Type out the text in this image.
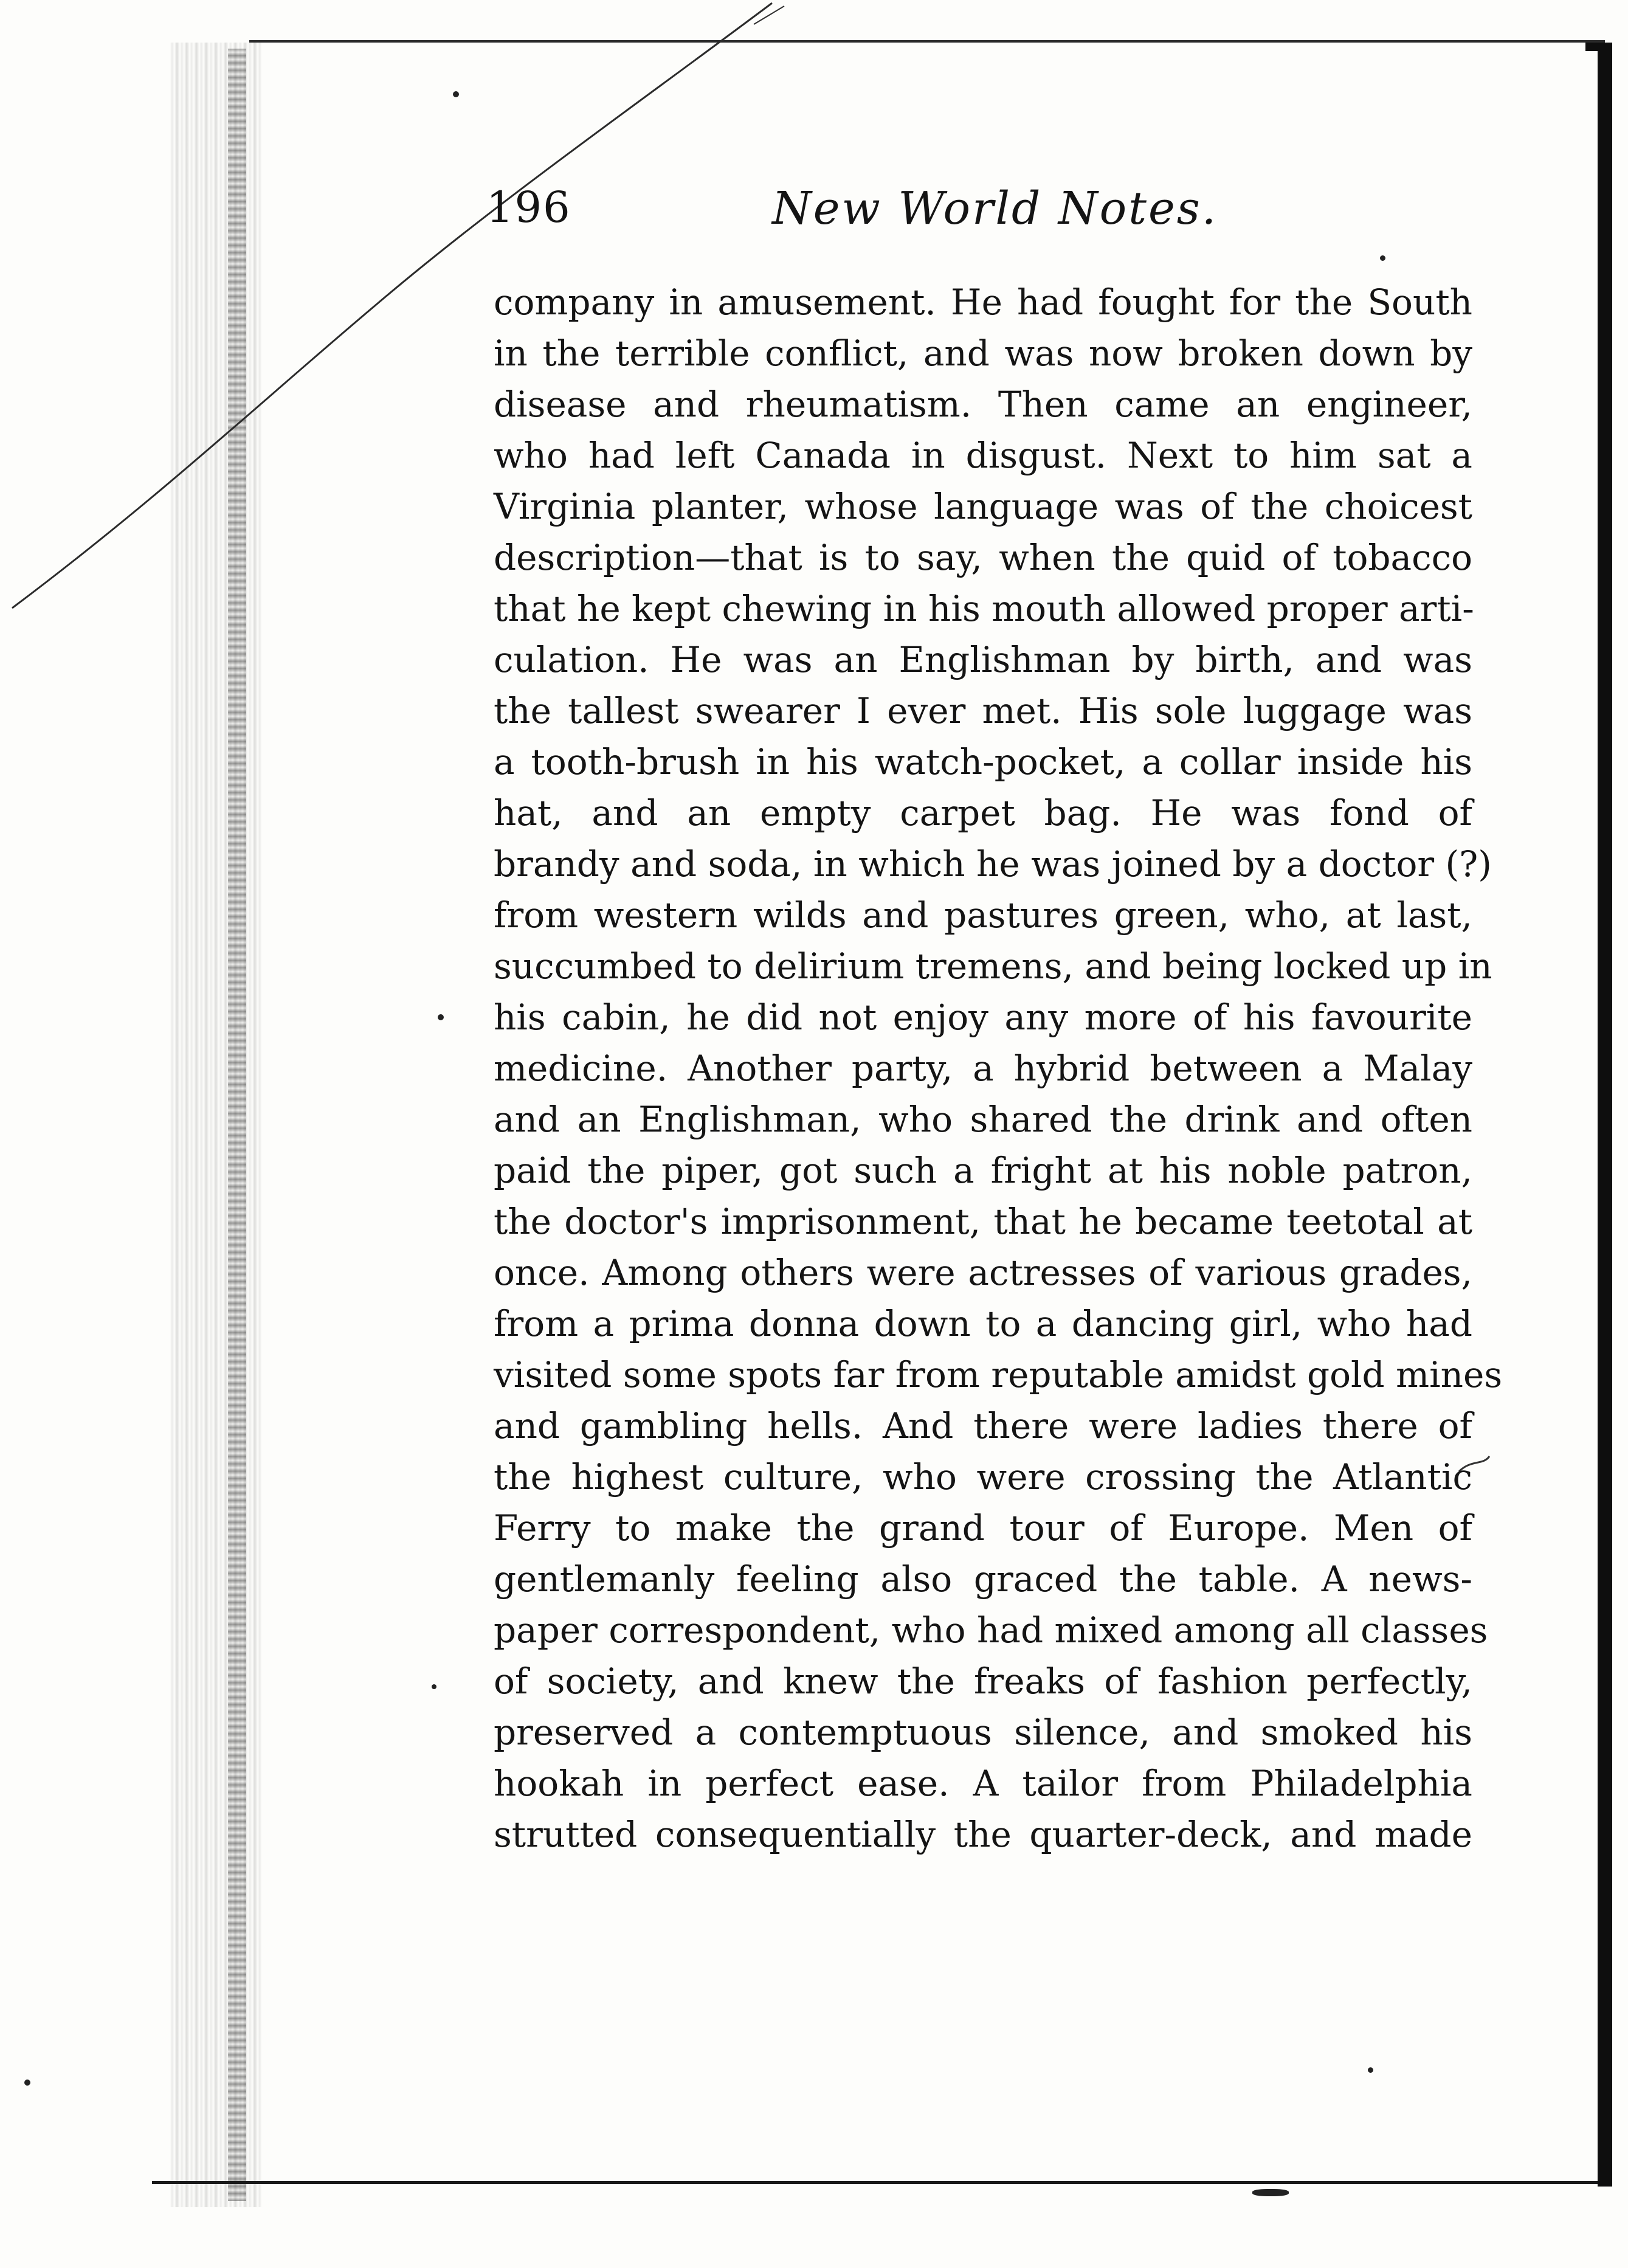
196	New World Notes.
company in amusement. He had fought for the South
in the terrible conflict, and was now broken down by
disease and rheumatism. Then came an engineer,
who had left Canada in disgust. Next to him sat a
Virginia planter, whose language was of the choicest
description—that is to say, when the quid of tobacco
that he kept chewing in his mouth allowed proper arti-
culation. He was an Englishman by birth, and was
the tallest swearer I ever met. His sole luggage was
a tooth-brush in his watch-pocket, a collar inside his
hat, and an empty carpet bag. He was fond of
brandy and soda, in which he was joined by a doctor (?)
from western wilds and pastures green, who, at last,
succumbed to delirium tremens, and being locked up in
his cabin, he did not enjoy any more of his favourite
medicine. Another party, a hybrid between a Malay
and an Englishman, who shared the drink and often
paid the piper, got such a fright at his noble patron,
the doctor's imprisonment, that he became teetotal at
once. Among others were actresses of various grades,
from a prima donna down to a dancing girl, who had
visited some spots far from reputable amidst gold mines
and gambling hells. And there were ladies there of
the highest culture, who were crossing the Atlantic
Ferry to make the grand tour of Europe. Men of
gentlemanly feeling also graced the table. A news-
paper correspondent, who had mixed among all classes
of society, and knew the freaks of fashion perfectly,
preserved a contemptuous silence, and smoked his
hookah in perfect ease. A tailor from Philadelphia
strutted consequentially the quarter-deck, and made
